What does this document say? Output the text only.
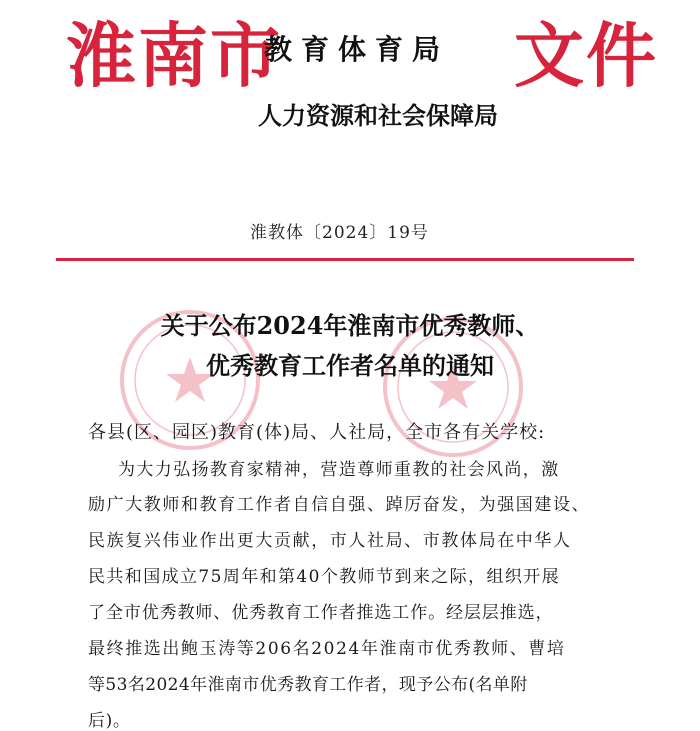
淮南市
教育体育局
人力资源和社会保障局
文件
淮教体〔2024〕19号
关于公布2024年淮南市优秀教师、
优秀教育工作者名单的通知
各县(区、园区)教育(体)局、人社局，全市各有关学校:
为大力弘扬教育家精神，营造尊师重教的社会风尚，激
励广大教师和教育工作者自信自强、踔厉奋发，为强国建设、
民族复兴伟业作出更大贡献，市人社局、市教体局在中华人
民共和国成立75周年和第40个教师节到来之际，组织开展
了全市优秀教师、优秀教育工作者推选工作。经层层推选，
最终推选出鲍玉涛等206名2024年淮南市优秀教师、曹培
等53名2024年淮南市优秀教育工作者，现予公布(名单附
后)。
